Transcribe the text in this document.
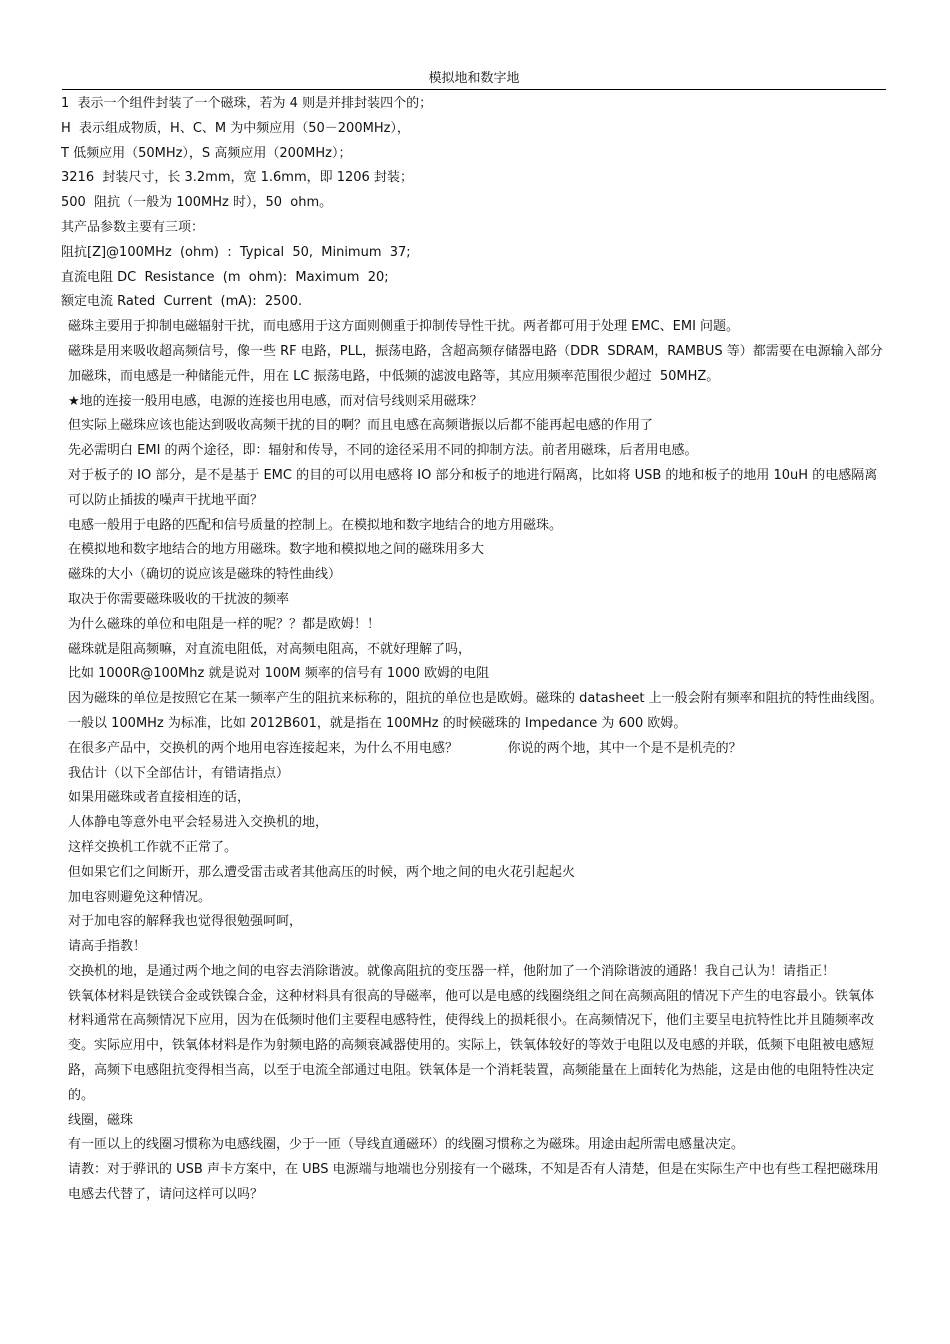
模拟地和数字地

1  表示一个组件封装了一个磁珠，若为 4 则是并排封装四个的；

H  表示组成物质，H、C、M 为中频应用（50－200MHz），

T 低频应用（50MHz），S 高频应用（200MHz）；

3216  封装尺寸，长 3.2mm，宽 1.6mm，即 1206 封装；

500  阻抗（一般为 100MHz 时），50  ohm。

其产品参数主要有三项：

阻抗[Z]@100MHz  (ohm)  :  Typical  50,  Minimum  37;

直流电阻 DC  Resistance  (m  ohm):  Maximum  20;

额定电流 Rated  Current  (mA):  2500.

磁珠主要用于抑制电磁辐射干扰，而电感用于这方面则侧重于抑制传导性干扰。两者都可用于处理 EMC、EMI 问题。

磁珠是用来吸收超高频信号，像一些 RF 电路，PLL，振荡电路，含超高频存储器电路（DDR  SDRAM，RAMBUS 等）都需要在电源输入部分加磁珠，而电感是一种储能元件，用在 LC 振荡电路，中低频的滤波电路等，其应用频率范围很少超过  50MHZ。

★地的连接一般用电感，电源的连接也用电感，而对信号线则采用磁珠？

但实际上磁珠应该也能达到吸收高频干扰的目的啊？而且电感在高频谐振以后都不能再起电感的作用了

先必需明白 EMI 的两个途径，即：辐射和传导，不同的途径采用不同的抑制方法。前者用磁珠，后者用电感。

对于板子的 IO 部分，是不是基于 EMC 的目的可以用电感将 IO 部分和板子的地进行隔离，比如将 USB 的地和板子的地用 10uH 的电感隔离可以防止插拔的噪声干扰地平面？

电感一般用于电路的匹配和信号质量的控制上。在模拟地和数字地结合的地方用磁珠。

在模拟地和数字地结合的地方用磁珠。数字地和模拟地之间的磁珠用多大

磁珠的大小（确切的说应该是磁珠的特性曲线）

取决于你需要磁珠吸收的干扰波的频率

为什么磁珠的单位和电阻是一样的呢？？都是欧姆！！

磁珠就是阻高频嘛，对直流电阻低，对高频电阻高，不就好理解了吗，

比如 1000R@100Mhz 就是说对 100M 频率的信号有 1000 欧姆的电阻

因为磁珠的单位是按照它在某一频率产生的阻抗来标称的，阻抗的单位也是欧姆。磁珠的 datasheet 上一般会附有频率和阻抗的特性曲线图。一般以 100MHz 为标准，比如 2012B601，就是指在 100MHz 的时候磁珠的 Impedance 为 600 欧姆。

在很多产品中，交换机的两个地用电容连接起来，为什么不用电感？            你说的两个地，其中一个是不是机壳的？

我估计（以下全部估计，有错请指点）

如果用磁珠或者直接相连的话，

人体静电等意外电平会轻易进入交换机的地，

这样交换机工作就不正常了。

但如果它们之间断开，那么遭受雷击或者其他高压的时候，两个地之间的电火花引起起火

加电容则避免这种情况。

对于加电容的解释我也觉得很勉强呵呵，

请高手指教！

交换机的地，是通过两个地之间的电容去消除谐波。就像高阻抗的变压器一样，他附加了一个消除谐波的通路！我自己认为！请指正！

铁氧体材料是铁镁合金或铁镍合金，这种材料具有很高的导磁率，他可以是电感的线圈绕组之间在高频高阻的情况下产生的电容最小。铁氧体材料通常在高频情况下应用，因为在低频时他们主要程电感特性，使得线上的损耗很小。在高频情况下，他们主要呈电抗特性比并且随频率改变。实际应用中，铁氧体材料是作为射频电路的高频衰减器使用的。实际上，铁氧体较好的等效于电阻以及电感的并联，低频下电阻被电感短路，高频下电感阻抗变得相当高，以至于电流全部通过电阻。铁氧体是一个消耗装置，高频能量在上面转化为热能，这是由他的电阻特性决定的。

线圈，磁珠

有一匝以上的线圈习惯称为电感线圈，少于一匝（导线直通磁环）的线圈习惯称之为磁珠。用途由起所需电感量决定。

请教：对于骅讯的 USB 声卡方案中，在 UBS 电源端与地端也分别接有一个磁珠，不知是否有人清楚，但是在实际生产中也有些工程把磁珠用电感去代替了，请问这样可以吗？
